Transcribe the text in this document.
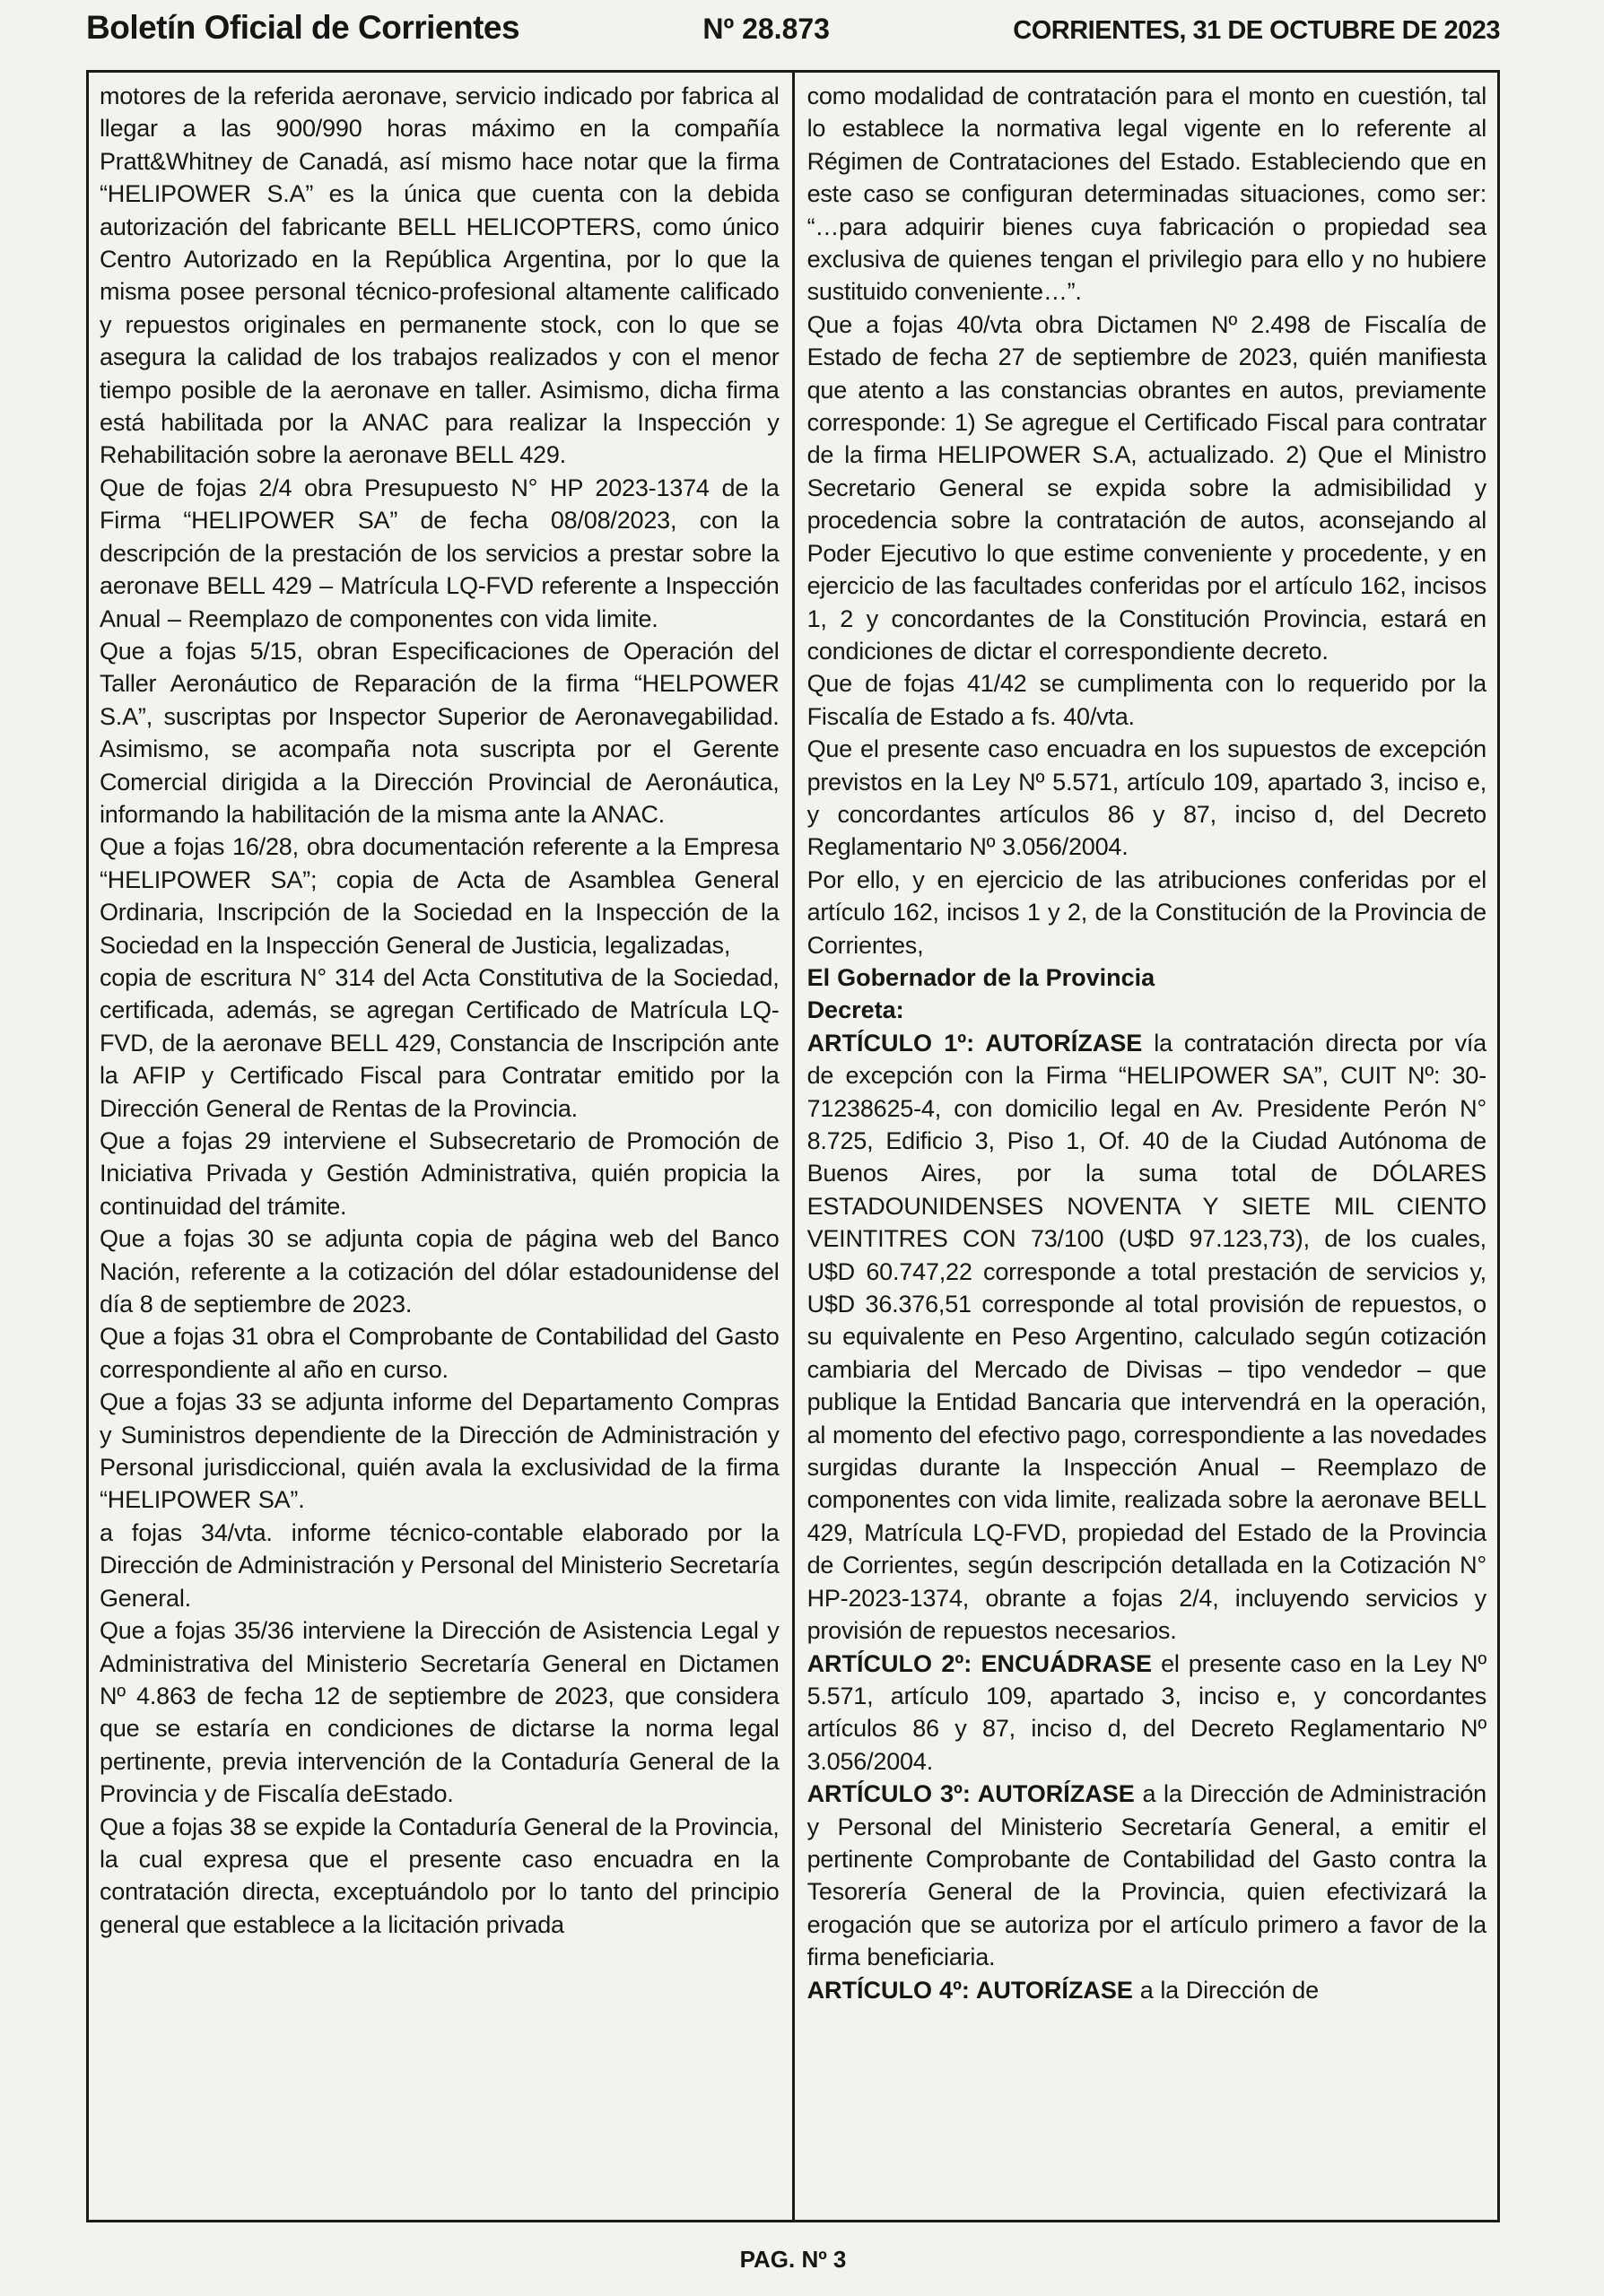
Boletín Oficial de Corrientes	Nº 28.873	CORRIENTES, 31 DE OCTUBRE DE 2023

motores de la referida aeronave, servicio indicado por fabrica al llegar a las 900/990 horas máximo en la compañía Pratt&Whitney de Canadá, así mismo hace notar que la firma “HELIPOWER S.A” es la única que cuenta con la debida autorización del fabricante BELL HELICOPTERS, como único Centro Autorizado en la República Argentina, por lo que la misma posee personal técnico-profesional altamente calificado y repuestos originales en permanente stock, con lo que se asegura la calidad de los trabajos realizados y con el menor tiempo posible de la aeronave en taller. Asimismo, dicha firma está habilitada por la ANAC para realizar la Inspección y Rehabilitación sobre la aeronave BELL 429.

Que de fojas 2/4 obra Presupuesto N° HP 2023-1374 de la Firma “HELIPOWER SA” de fecha 08/08/2023, con la descripción de la prestación de los servicios a prestar sobre la aeronave BELL 429 – Matrícula LQ-FVD referente a Inspección Anual – Reemplazo de componentes con vida limite.

Que a fojas 5/15, obran Especificaciones de Operación del Taller Aeronáutico de Reparación de la firma “HELPOWER S.A”, suscriptas por Inspector Superior de Aeronavegabilidad. Asimismo, se acompaña nota suscripta por el Gerente Comercial dirigida a la Dirección Provincial de Aeronáutica, informando la habilitación de la misma ante la ANAC.

Que a fojas 16/28, obra documentación referente a la Empresa “HELIPOWER SA”; copia de Acta de Asamblea General Ordinaria, Inscripción de la Sociedad en la Inspección de la Sociedad en la Inspección General de Justicia, legalizadas,

copia de escritura N° 314 del Acta Constitutiva de la Sociedad, certificada, además, se agregan Certificado de Matrícula LQ-FVD, de la aeronave BELL 429, Constancia de Inscripción ante la AFIP y Certificado Fiscal para Contratar emitido por la Dirección General de Rentas de la Provincia.

Que a fojas 29 interviene el Subsecretario de Promoción de Iniciativa Privada y Gestión Administrativa, quién propicia la continuidad del trámite.

Que a fojas 30 se adjunta copia de página web del Banco Nación, referente a la cotización del dólar estadounidense del día 8 de septiembre de 2023.

Que a fojas 31 obra el Comprobante de Contabilidad del Gasto correspondiente al año en curso.

Que a fojas 33 se adjunta informe del Departamento Compras y Suministros dependiente de la Dirección de Administración y Personal jurisdiccional, quién avala la exclusividad de la firma “HELIPOWER SA”.

a fojas 34/vta. informe técnico-contable elaborado por la Dirección de Administración y Personal del Ministerio Secretaría General.

Que a fojas 35/36 interviene la Dirección de Asistencia Legal y Administrativa del Ministerio Secretaría General en Dictamen Nº 4.863 de fecha 12 de septiembre de 2023, que considera que se estaría en condiciones de dictarse la norma legal pertinente, previa intervención de la Contaduría General de la Provincia y de Fiscalía deEstado.

Que a fojas 38 se expide la Contaduría General de la Provincia, la cual expresa que el presente caso encuadra en la contratación directa, exceptuándolo por lo tanto del principio general que establece a la licitación privada

como modalidad de contratación para el monto en cuestión, tal lo establece la normativa legal vigente en lo referente al Régimen de Contrataciones del Estado. Estableciendo que en este caso se configuran determinadas situaciones, como ser: “…para adquirir bienes cuya fabricación o propiedad sea exclusiva de quienes tengan el privilegio para ello y no hubiere sustituido conveniente…”.

Que a fojas 40/vta obra Dictamen Nº 2.498 de Fiscalía de Estado de fecha 27 de septiembre de 2023, quién manifiesta que atento a las constancias obrantes en autos, previamente corresponde: 1) Se agregue el Certificado Fiscal para contratar de la firma HELIPOWER S.A, actualizado. 2) Que el Ministro Secretario General se expida sobre la admisibilidad y procedencia sobre la contratación de autos, aconsejando al Poder Ejecutivo lo que estime conveniente y procedente, y en ejercicio de las facultades conferidas por el artículo 162, incisos 1, 2 y concordantes de la Constitución Provincia, estará en condiciones de dictar el correspondiente decreto.

Que de fojas 41/42 se cumplimenta con lo requerido por la Fiscalía de Estado a fs. 40/vta.

Que el presente caso encuadra en los supuestos de excepción previstos en la Ley Nº 5.571, artículo 109, apartado 3, inciso e, y concordantes artículos 86 y 87, inciso d, del Decreto Reglamentario Nº 3.056/2004.

Por ello, y en ejercicio de las atribuciones conferidas por el artículo 162, incisos 1 y 2, de la Constitución de la Provincia de Corrientes,

El Gobernador de la Provincia

Decreta:

ARTÍCULO 1º: AUTORÍZASE la contratación directa por vía de excepción con la Firma “HELIPOWER SA”, CUIT Nº: 30-71238625-4, con domicilio legal en Av. Presidente Perón N° 8.725, Edificio 3, Piso 1, Of. 40 de la Ciudad Autónoma de Buenos Aires, por la suma total de DÓLARES ESTADOUNIDENSES NOVENTA Y SIETE MIL CIENTO VEINTITRES CON 73/100 (U$D 97.123,73), de los cuales, U$D 60.747,22 corresponde a total prestación de servicios y, U$D 36.376,51 corresponde al total provisión de repuestos, o su equivalente en Peso Argentino, calculado según cotización cambiaria del Mercado de Divisas – tipo vendedor – que publique la Entidad Bancaria que intervendrá en la operación, al momento del efectivo pago, correspondiente a las novedades surgidas durante la Inspección Anual – Reemplazo de componentes con vida limite, realizada sobre la aeronave BELL 429, Matrícula LQ-FVD, propiedad del Estado de la Provincia de Corrientes, según descripción detallada en la Cotización N° HP-2023-1374, obrante a fojas 2/4, incluyendo servicios y provisión de repuestos necesarios.

ARTÍCULO 2º: ENCUÁDRASE el presente caso en la Ley Nº 5.571, artículo 109, apartado 3, inciso e, y concordantes artículos 86 y 87, inciso d, del Decreto Reglamentario Nº 3.056/2004.

ARTÍCULO 3º: AUTORÍZASE a la Dirección de Administración y Personal del Ministerio Secretaría General, a emitir el pertinente Comprobante de Contabilidad del Gasto contra la Tesorería General de la Provincia, quien efectivizará la erogación que se autoriza por el artículo primero a favor de la firma beneficiaria.

ARTÍCULO 4º: AUTORÍZASE a la Dirección de

PAG. Nº 3
